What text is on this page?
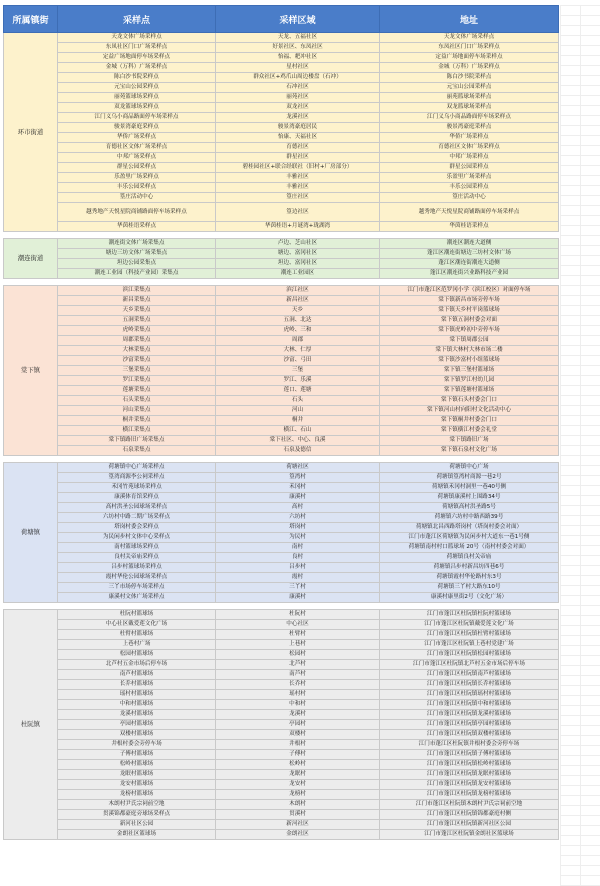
所属镇街	采样点	采样区域	地址
环市街道	天龙文体广场采样点	天龙、五福社区	天龙文体广场采样点
	东凤社区门口广场采样点	好景社区、东凤社区	东凤社区门口广场采样点
	定益广场地面停车场采样点	怡福、耙冲社区	定益广场地面停车场采样点
	金城（万科）广场采样点	星村社区	金城（万科）广场采样点
	陈白沙书院采样点	群众社区+鸡爪山周边楼盘（石冲）	陈白沙书院采样点
	元宝山公园采样点	石冲社区	元宝山公园采样点
	丽苑篮球场采样点	丽苑社区	丽苑篮球场采样点
	双龙篮球场采样点	双龙社区	双龙篮球场采样点
	江门义乌小商品路面停车场采样点	龙溪社区	江门义乌小商品路面停车场采样点
	骏景湾豪庭采样点	骏景湾豪庭居民	骏景湾豪庭采样点
	华侨广场采样点	怡康、天福社区	华侨广场采样点
	育德社区文体广场采样点	育德社区	育德社区文体广场采样点
	中邦广场采样点	群星社区	中邦广场采样点
	群星公园采样点	碧桂园社区+联合经联社（旧村+厂房部分）	群星公园采样点
	乐盈里广场采样点	丰雅社区	乐盈里广场采样点
	丰乐公园采样点	丰雅社区	丰乐公园采样点
	篁庄活动中心	篁庄社区	篁庄活动中心
	越秀地产天悦星院商铺路面停车场采样点	篁边社区	越秀地产天悦星院商铺路面停车场采样点
	华茵桂语采样点	华茵桂语+月谜湾+珑湖湾	华茵桂语采样点

潮连街道	潮连街文体广场采集点	卢边、芝山社区	潮连区潮连大道侧
	塘边三坊文体广场采集点	塘边、富冈社区	蓬江区潮连街塘边三坊村文体广场
	坦边公园采集点	坦边、富冈社区	蓬江区潮连街潮连大道侧
	潮连工业园（科技产业园）采集点	潮连工业园区	蓬江区潮连街兴业路科技产业园

棠下镇	滨江采集点	滨江社区	江门市蓬江区范罗冈小学（滨江校区）对面停车场
	新昌采集点	新昌社区	棠下镇新昌市场旁停车场
	天乡采集点	天乡	棠下镇天乡村平岗篮球场
	五洞采集点	五洞、北达	棠下镇五洞村委会对面
	虎岭采集点	虎岭、三和	棠下镇虎岭初中旁停车场
	周郡采集点	周郡	棠下镇周郡公园
	大林采集点	大林、仁厚	棠下镇大林村大林市场二楼
	沙富采集点	沙富、弓田	棠下镇沙富村小组篮球场
	三堡采集点	三堡	棠下镇三堡村篮球场
	罗江采集点	罗江、乐溪	棠下镇罗江村幼儿园
	莲塘采集点	莲口、莲塘	棠下镇莲塘村篮球场
	石头采集点	石头	棠下镇石头村委会门口
	河山采集点	河山	棠下镇河山村向阳村文化活动中心
	桐井采集点	桐井	棠下镇桐井村委会门口
	横江采集点	横江、石山	棠下镇横江村委会礼堂
	棠下镇路旧广场采集点	棠下社区、中心、良溪	棠下镇路旧广场
	石泉采集点	石泉及德信	棠下镇石泉村文化广场

荷塘镇	荷塘镇中心广场采样点	荷塘社区	荷塘镇中心广场
	篁湾商源李公祠采样点	篁湾村	荷塘镇篁湾村商源一巷2号
	禾冈竹苑球场采样点	禾冈村	荷塘镇禾冈村洞里一巷40号侧
	康溪体育馆采样点	康溪村	荷塘镇康溪村上围路34号
	高村洪圣公园球场采样点	高村	荷塘镇高村洪圣路5号
	六坊村中路二期广场采样点	六坊村	荷塘镇六坊村中路西路39号
	塔岗村委会采样点	塔岗村	荷塘镇北昌西路塔岗村（塔岗村委会对面）
	为民闲步村文体中心采样点	为民村	江门市蓬江区荷塘镇为民闲步村大道东一巷1号侧
	南村篮球场采样点	南村	荷塘镇南村村口篮球场 20号（南村村委会对面）
	良村关帝庙采样点	良村	荷塘镇良村关帝庙
	吕步村篮球场采样点	吕步村	荷塘镇吕步村新昌坊四巷6号
	霞村华伦公园球场采样点	霞村	荷塘镇霞村华伦路村东3号
	三丫市场停车场采样点	三丫村	荷塘镇三丫村大路东10号
	康溪村文体广场采样点	康溪村	康溪村康里街2号（文化广场）

杜阮镇	杜阮村篮球场	杜阮村	江门市蓬江区杜阮镇杜阮村篮球场
	中心社区戴爱莲文化广场	中心社区	江门市蓬江区杜阮镇戴爱莲文化广场
	杜臂村篮球场	杜臂村	江门市蓬江区杜阮镇杜臂村篮球场
	上巷村广场	上巷村	江门市蓬江区杜阮镇上巷村党建广场
	松园村篮球场	松园村	江门市蓬江区杜阮镇松园村篮球场
	北芦村五金市场后停车场	北芦村	江门市蓬江区杜阮镇北芦村五金市场后停车场
	南芦村篮球场	南芦村	江门市蓬江区杜阮镇南芦村篮球场
	长乔村篮球场	长乔村	江门市蓬江区杜阮镇长乔村篮球场
	瑶村村篮球场	瑶村村	江门市蓬江区杜阮镇瑶村村篮球场
	中和村篮球场	中和村	江门市蓬江区杜阮镇中和村篮球场
	龙溪村篮球场	龙溪村	江门市蓬江区杜阮镇龙溪村篮球场
	亭园村篮球场	亭园村	江门市蓬江区杜阮镇亭园村篮球场
	双楼村篮球场	双楼村	江门市蓬江区杜阮镇双楼村篮球场
	井根村委会旁停车场	井根村	江门市蓬江区杜阮镇井根村委会旁停车场
	子傅村篮球场	子傅村	江门市蓬江区杜阮镇子傅村篮球场
	松岭村篮球场	松岭村	江门市蓬江区杜阮镇松岭村篮球场
	龙眠村篮球场	龙眠村	江门市蓬江区杜阮镇龙眠村篮球场
	龙安村篮球场	龙安村	江门市蓬江区杜阮镇龙安村篮球场
	龙榜村篮球场	龙榜村	江门市蓬江区杜阮镇龙榜村篮球场
	木朗村尹氏宗祠前空地	木朗村	江门市蓬江区杜阮镇木朗村尹氏宗祠前空地
	贯溪锦都豪庭旁球场采样点	贯溪村	江门市蓬江区杜阮镇锦都豪庭村侧
	新河社区公园	新河社区	江门市蓬江区杜阮镇新河社区公园
	金朗社区篮球场	金朗社区	江门市蓬江区杜阮镇金朗社区篮球场
